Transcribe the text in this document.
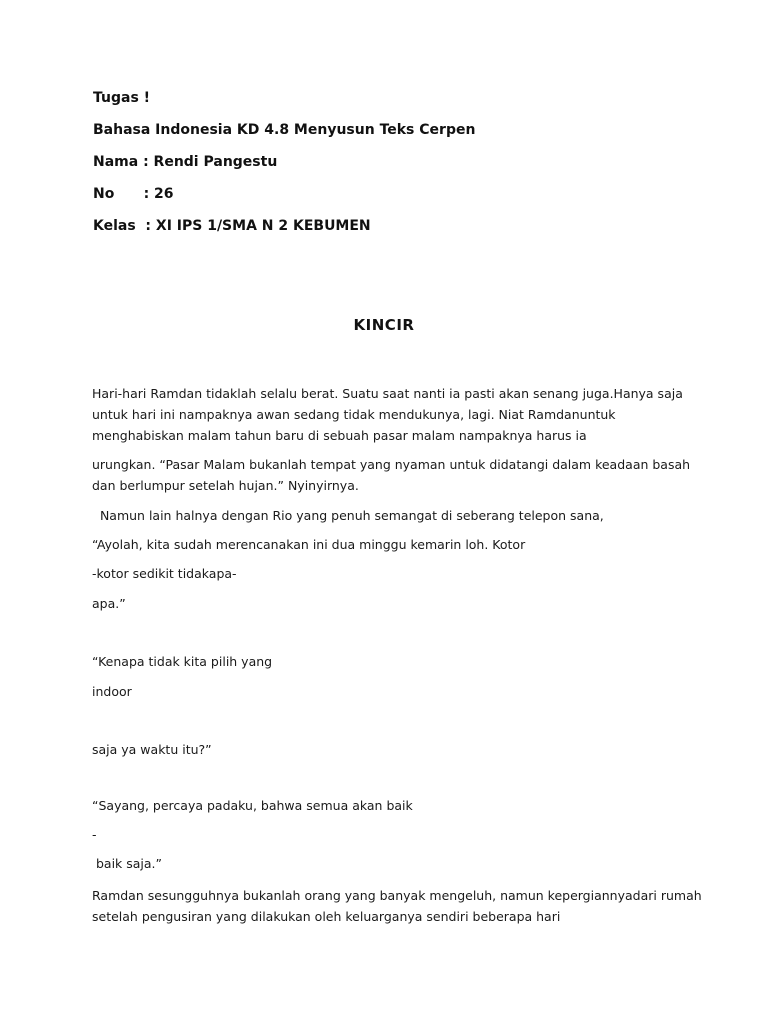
Tugas !

Bahasa Indonesia KD 4.8 Menyusun Teks Cerpen

Nama : Rendi Pangestu

No      : 26

Kelas  : XI IPS 1/SMA N 2 KEBUMEN

KINCIR

Hari-hari Ramdan tidaklah selalu berat. Suatu saat nanti ia pasti akan senang juga.Hanya saja untuk hari ini nampaknya awan sedang tidak mendukunya, lagi. Niat Ramdanuntuk menghabiskan malam tahun baru di sebuah pasar malam nampaknya harus ia

urungkan. “Pasar Malam bukanlah tempat yang nyaman untuk didatangi dalam keadaan basah dan berlumpur setelah hujan.” Nyinyirnya.

Namun lain halnya dengan Rio yang penuh semangat di seberang telepon sana,

“Ayolah, kita sudah merencanakan ini dua minggu kemarin loh. Kotor

-kotor sedikit tidakapa-

apa.”

“Kenapa tidak kita pilih yang

indoor

saja ya waktu itu?”

“Sayang, percaya padaku, bahwa semua akan baik

-

baik saja.”

Ramdan sesungguhnya bukanlah orang yang banyak mengeluh, namun kepergiannyadari rumah setelah pengusiran yang dilakukan oleh keluarganya sendiri beberapa hari
